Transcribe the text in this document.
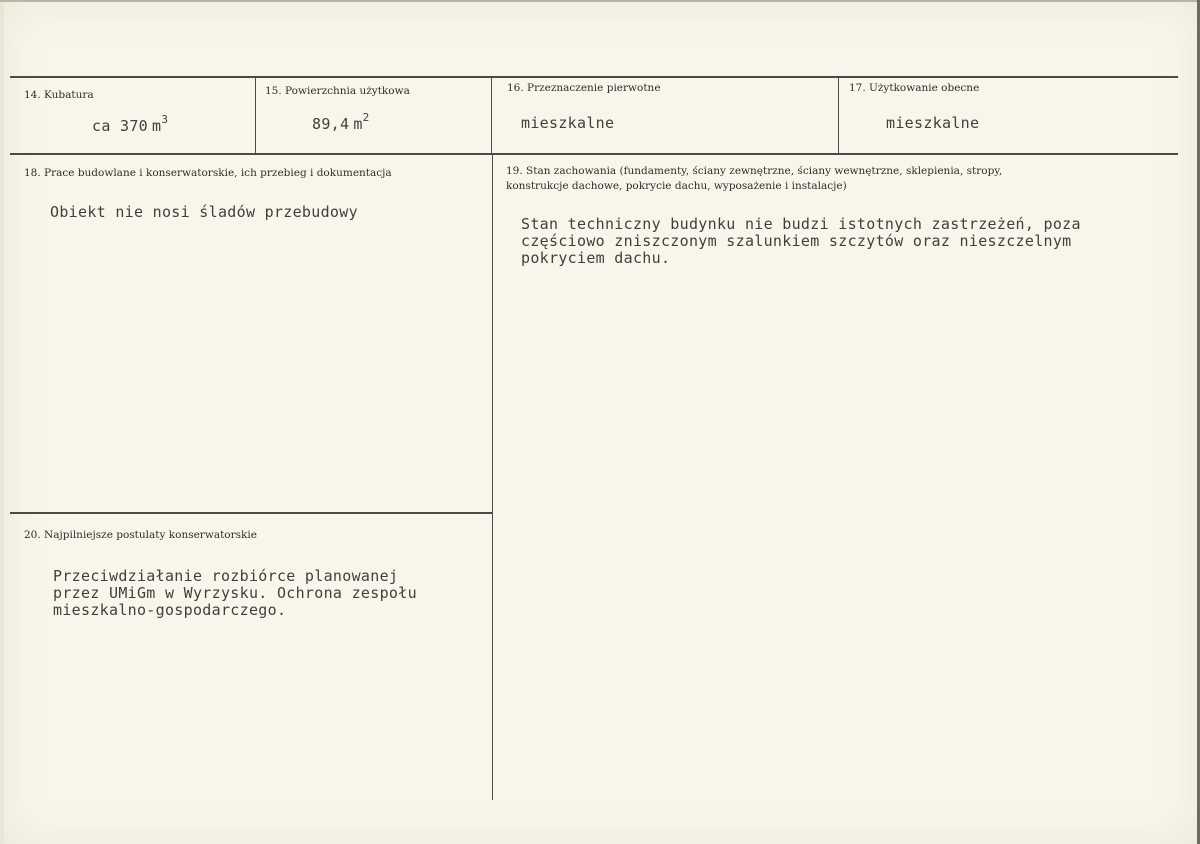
14. Kubatura
ca 370 $m^3$
15. Powierzchnia użytkowa
89,4 $m^2$
16. Przeznaczenie pierwotne
mieszkalne
17. Użytkowanie obecne
mieszkalne
18. Prace budowlane i konserwatorskie, ich przebieg i dokumentacja
Obiekt nie nosi śladów przebudowy
19. Stan zachowania (fundamenty, ściany zewnętrzne, ściany wewnętrzne, sklepienia, stropy,
konstrukcje dachowe, pokrycie dachu, wyposażenie i instalacje)
Stan techniczny budynku nie budzi istotnych zastrzeżeń, poza
częściowo zniszczonym szalunkiem szczytów oraz nieszczelnym
pokryciem dachu.
20. Najpilniejsze postulaty konserwatorskie
Przeciwdziałanie rozbiórce planowanej
przez UMiGm w Wyrzysku. Ochrona zespołu
mieszkalno-gospodarczego.
